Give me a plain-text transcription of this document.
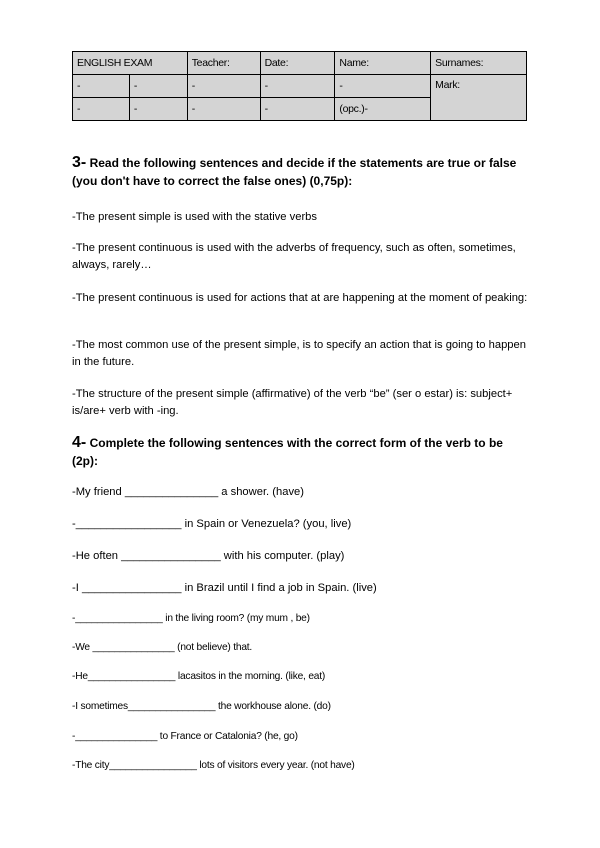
ENGLISH EXAM		Teacher:	Date:	Name:	Surnames:
-	-	-	-	-	Mark:
-	-	-	-	(opc.)-	
3- Read the following sentences and decide if the statements are true or false (you don't have to correct the false ones) (0,75p):
-The present simple is used with the stative verbs
-The present continuous is used with the adverbs of frequency, such as often, sometimes, always, rarely…
-The present continuous is used for actions that at are happening at the moment of peaking:
-The most common use of the present simple, is to specify an action that is going to happen in the future.
-The structure of the present simple (affirmative) of the verb “be” (ser o estar) is: subject+ is/are+ verb with -ing.
4- Complete the following sentences with the correct form of the verb to be (2p):
-My friend _______________ a shower. (have)
-_________________ in Spain or Venezuela? (you, live)
-He often ________________ with his computer. (play)
-I ________________ in Brazil until I find a job in Spain. (live)
-________________ in the living room? (my mum , be)
-We _______________ (not believe) that.
-He________________ lacasitos in the morning. (like, eat)
-I sometimes________________ the workhouse alone. (do)
-_______________ to France or Catalonia? (he, go)
-The city________________ lots of visitors every year. (not have)
